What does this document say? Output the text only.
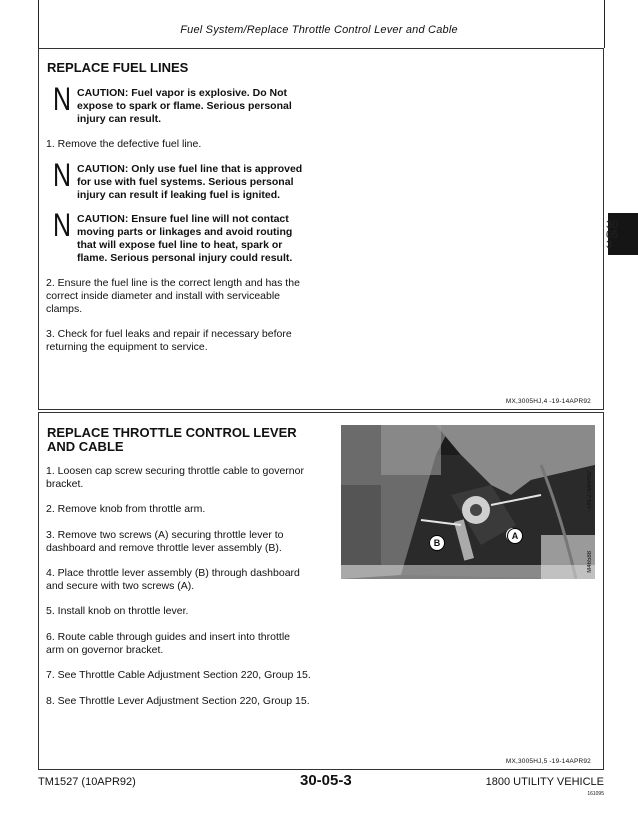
Fuel System/Replace Throttle Control Lever and Cable
REPLACE FUEL LINES
N CAUTION: Fuel vapor is explosive. Do Not
expose to spark or flame. Serious personal
injury can result.
1. Remove the defective fuel line.
N CAUTION: Only use fuel line that is approved
for use with fuel systems. Serious personal
injury can result if leaking fuel is ignited.
N CAUTION: Ensure fuel line will not contact
moving parts or linkages and avoid routing
that will expose fuel line to heat, spark or
flame. Serious personal injury could result.
2. Ensure the fuel line is the correct length and has the
correct inside diameter and install with serviceable
clamps.
3. Check for fuel leaks and repair if necessary before
returning the equipment to service.
MX,3005HJ,4 -19-14APR92
REPLACE THROTTLE CONTROL LEVER
AND CABLE
1. Loosen cap screw securing throttle cable to governor
bracket.
2. Remove knob from throttle arm.
3. Remove two screws (A) securing throttle lever to
dashboard and remove throttle lever assembly (B).
4. Place throttle lever assembly (B) through dashboard
and secure with two screws (A).
5. Install knob on throttle lever.
6. Route cable through guides and insert into throttle
arm on governor bracket.
7. See Throttle Cable Adjustment Section 220, Group 15.
8. See Throttle Lever Adjustment Section 220, Group 15.
A
B
-UN-27MAR92
M46588
MX,3005HJ,5 -19-14APR92
30
05
3
TM1527 (10APR92)	30-05-3	1800 UTILITY VEHICLE
161095
